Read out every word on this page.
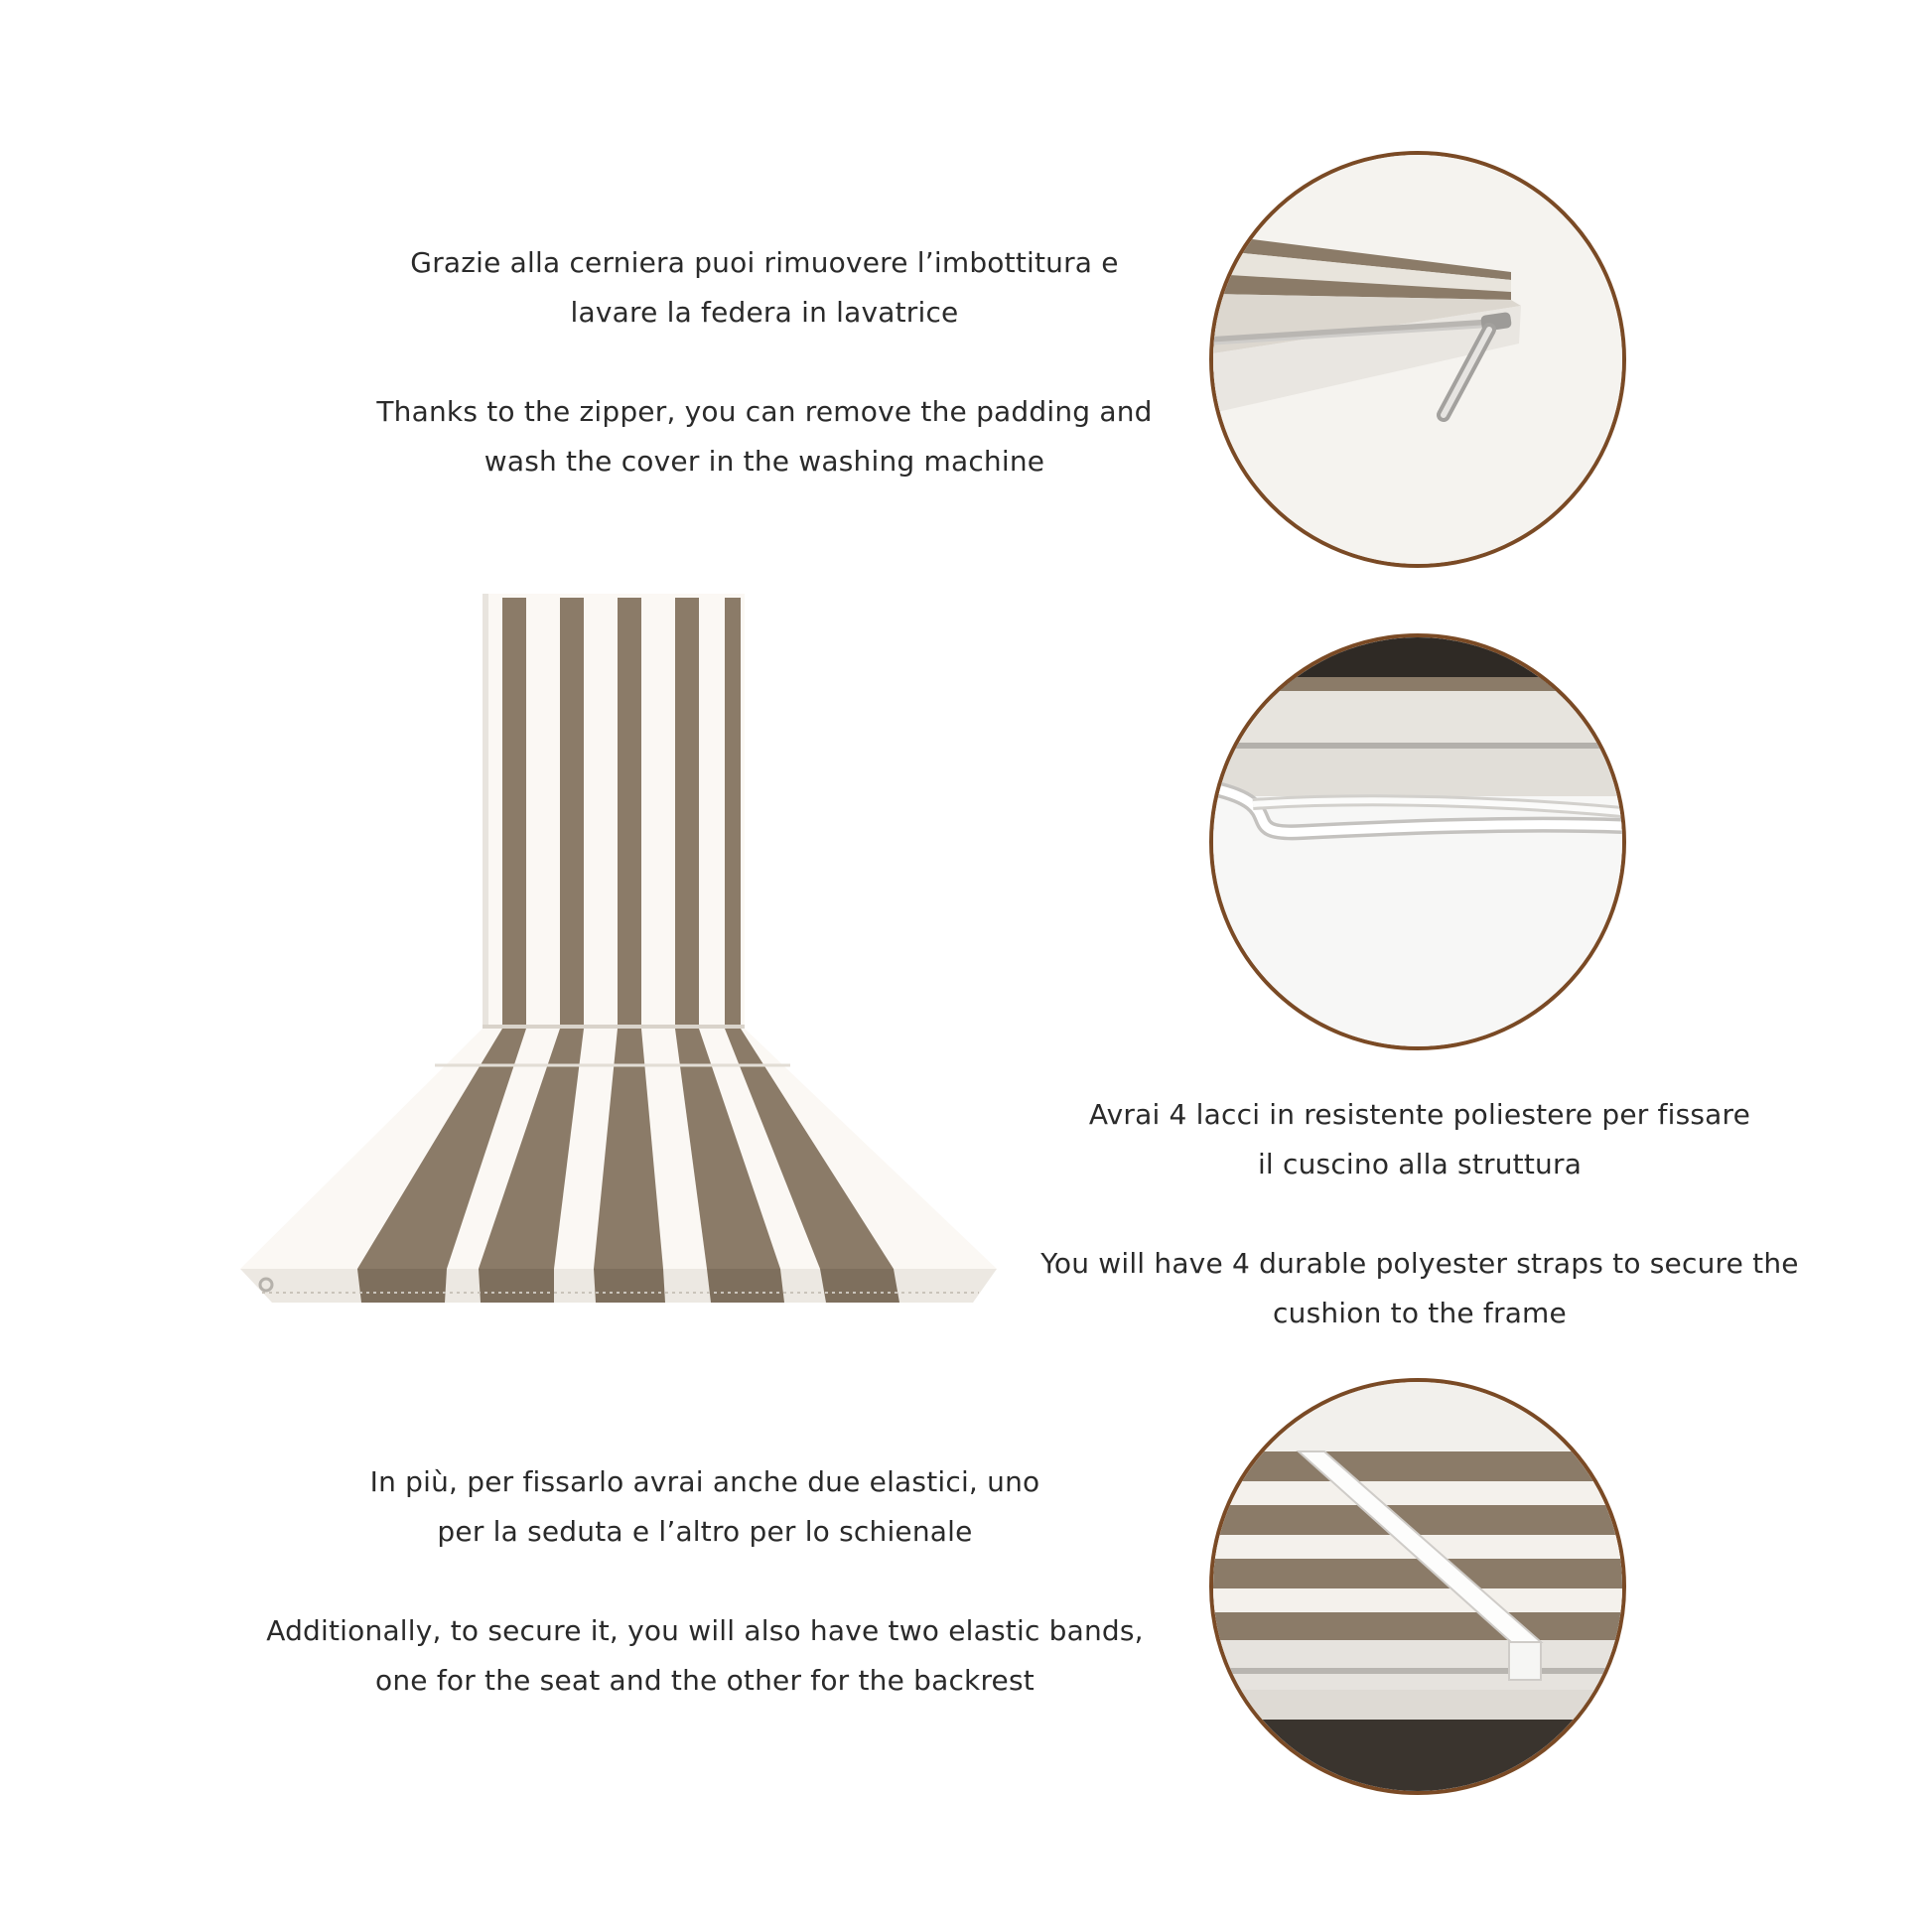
Grazie alla cerniera puoi rimuovere l’imbottitura e

lavare la federa in lavatrice

Thanks to the zipper, you can remove the padding and

wash the cover in the washing machine

Avrai 4 lacci in resistente poliestere per fissare

il cuscino alla struttura

You will have 4 durable polyester straps to secure the

cushion to the frame

In più, per fissarlo avrai anche due elastici, uno

per la seduta e l’altro per lo schienale

Additionally, to secure it, you will also have two elastic bands,

one for the seat and the other for the backrest
